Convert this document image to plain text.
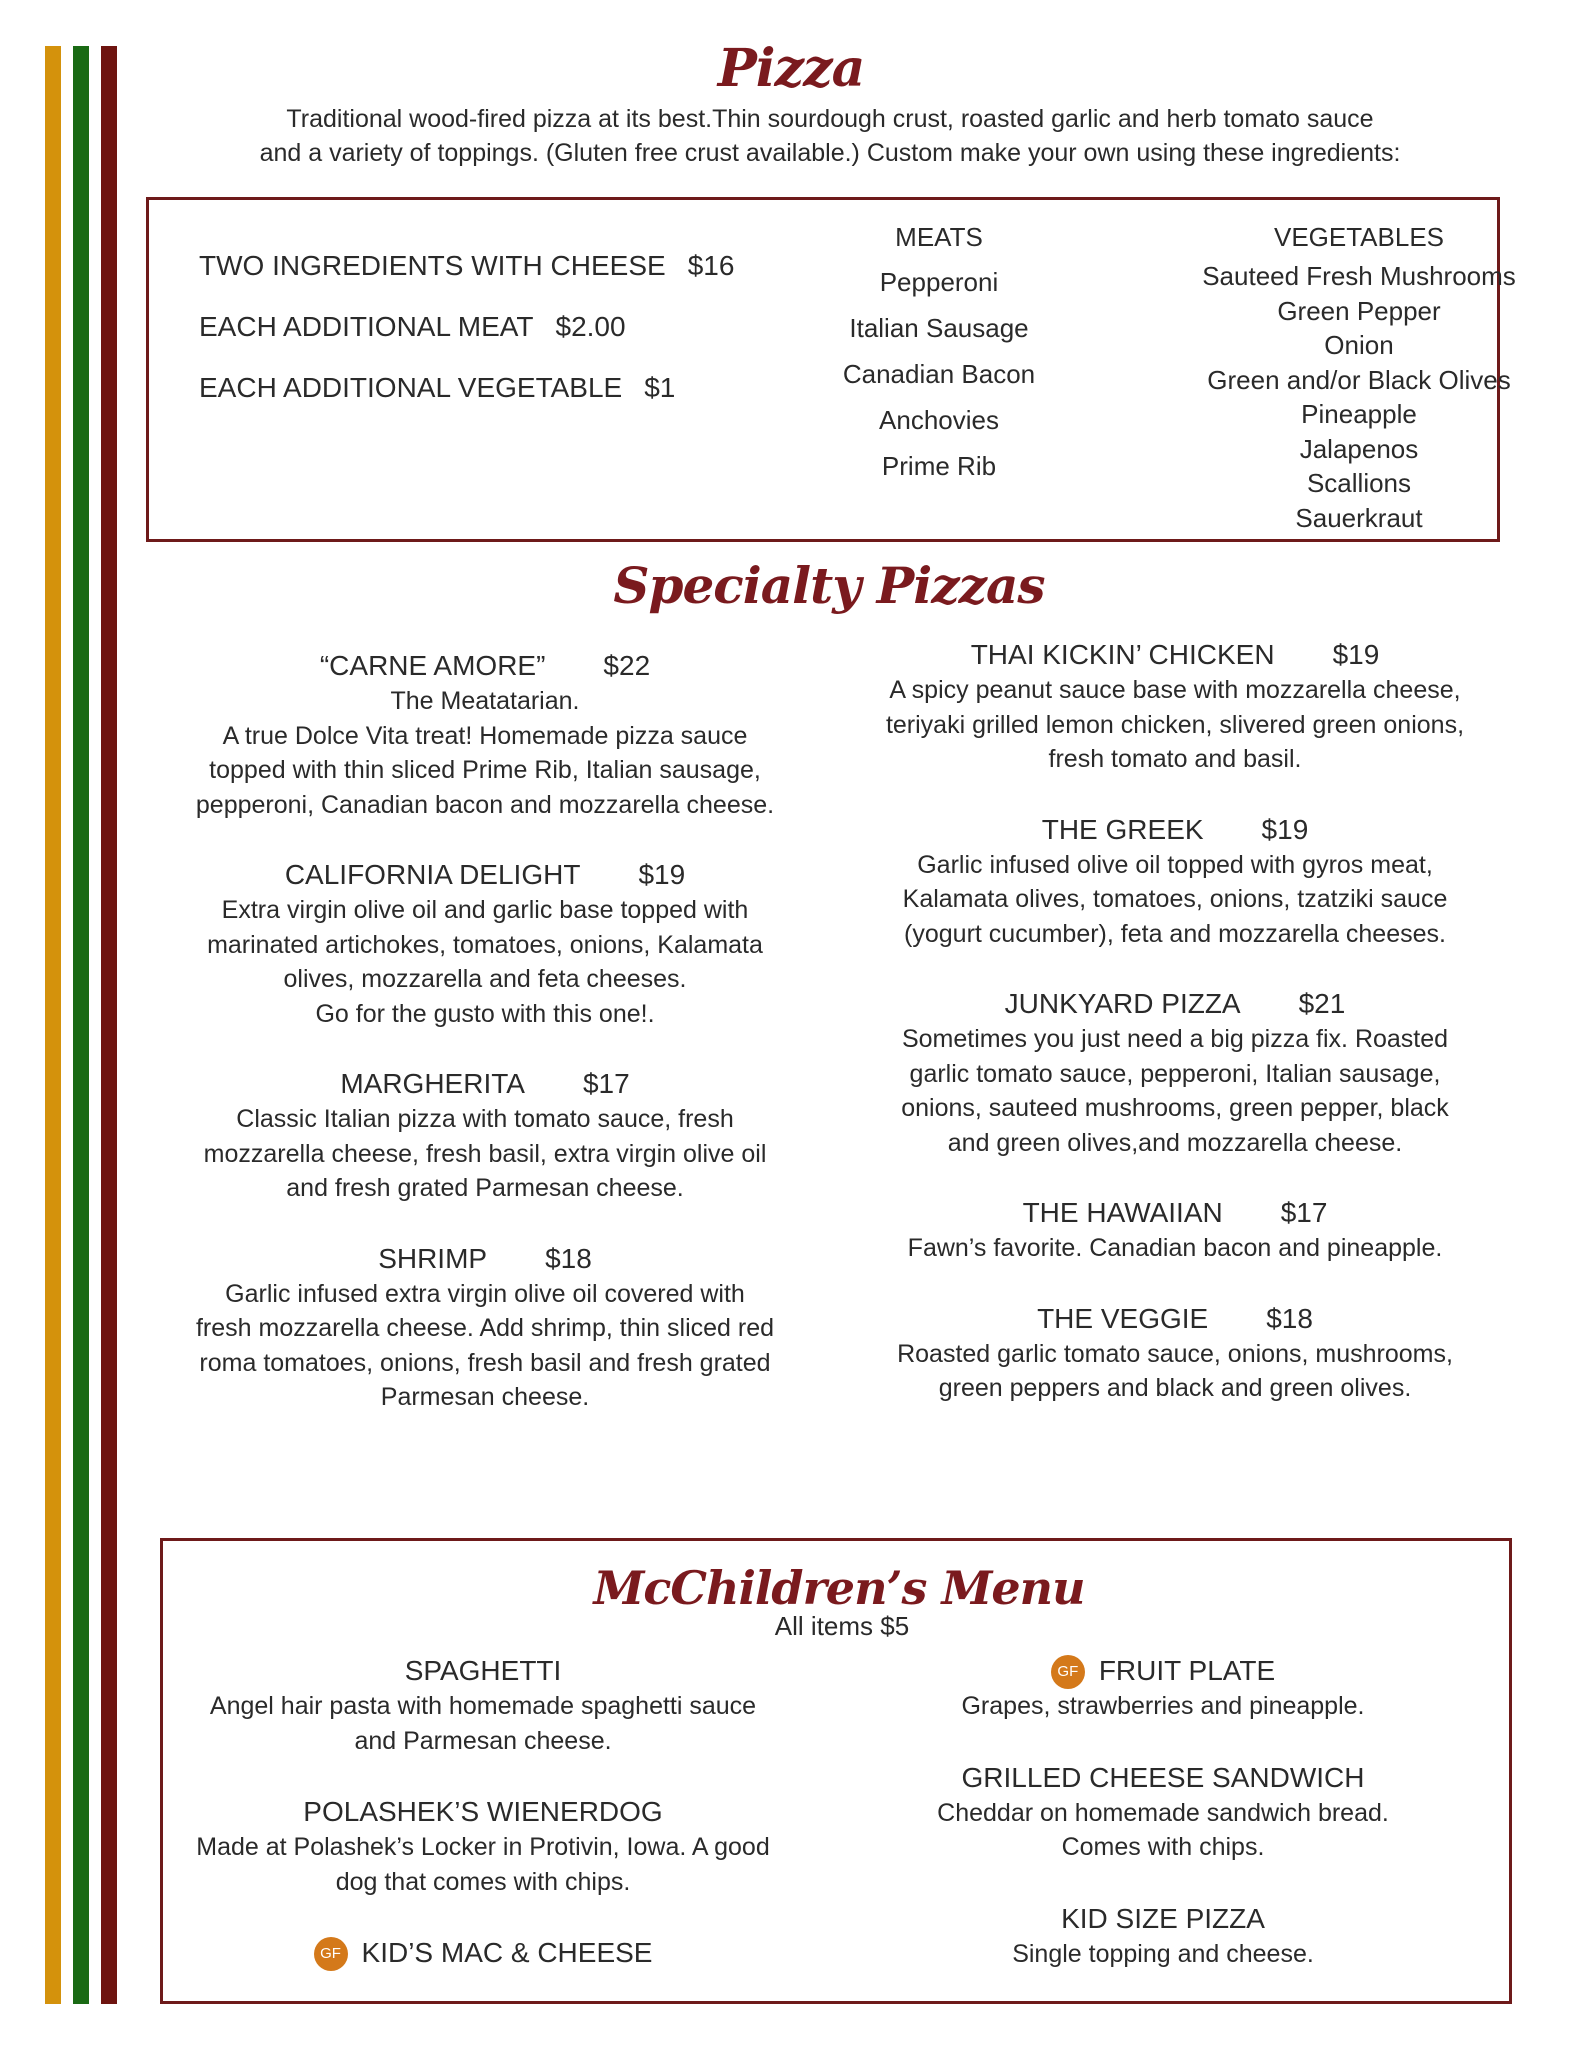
Pizza
Traditional wood-fired pizza at its best.Thin sourdough crust, roasted garlic and herb tomato sauce
and a variety of toppings. (Gluten free crust available.) Custom make your own using these ingredients:
TWO INGREDIENTS WITH CHEESE $16
EACH ADDITIONAL MEAT $2.00
EACH ADDITIONAL VEGETABLE $1
MEATS
Pepperoni
Italian Sausage
Canadian Bacon
Anchovies
Prime Rib
VEGETABLES
Sauteed Fresh Mushrooms
Green Pepper
Onion
Green and/or Black Olives
Pineapple
Jalapenos
Scallions
Sauerkraut
Specialty Pizzas
“CARNE AMORE” $22
The Meatatarian.
A true Dolce Vita treat! Homemade pizza sauce
topped with thin sliced Prime Rib, Italian sausage,
pepperoni, Canadian bacon and mozzarella cheese.
CALIFORNIA DELIGHT $19
Extra virgin olive oil and garlic base topped with
marinated artichokes, tomatoes, onions, Kalamata
olives, mozzarella and feta cheeses.
Go for the gusto with this one!.
MARGHERITA $17
Classic Italian pizza with tomato sauce, fresh
mozzarella cheese, fresh basil, extra virgin olive oil
and fresh grated Parmesan cheese.
SHRIMP $18
Garlic infused extra virgin olive oil covered with
fresh mozzarella cheese. Add shrimp, thin sliced red
roma tomatoes, onions, fresh basil and fresh grated
Parmesan cheese.
THAI KICKIN’ CHICKEN $19
A spicy peanut sauce base with mozzarella cheese,
teriyaki grilled lemon chicken, slivered green onions,
fresh tomato and basil.
THE GREEK $19
Garlic infused olive oil topped with gyros meat,
Kalamata olives, tomatoes, onions, tzatziki sauce
(yogurt cucumber), feta and mozzarella cheeses.
JUNKYARD PIZZA $21
Sometimes you just need a big pizza fix. Roasted
garlic tomato sauce, pepperoni, Italian sausage,
onions, sauteed mushrooms, green pepper, black
and green olives,and mozzarella cheese.
THE HAWAIIAN $17
Fawn’s favorite. Canadian bacon and pineapple.
THE VEGGIE $18
Roasted garlic tomato sauce, onions, mushrooms,
green peppers and black and green olives.
McChildren’s Menu
All items $5
SPAGHETTI
Angel hair pasta with homemade spaghetti sauce
and Parmesan cheese.
POLASHEK’S WIENERDOG
Made at Polashek’s Locker in Protivin, Iowa. A good
dog that comes with chips.
GF KID’S MAC & CHEESE
GF FRUIT PLATE
Grapes, strawberries and pineapple.
GRILLED CHEESE SANDWICH
Cheddar on homemade sandwich bread.
Comes with chips.
KID SIZE PIZZA
Single topping and cheese.
